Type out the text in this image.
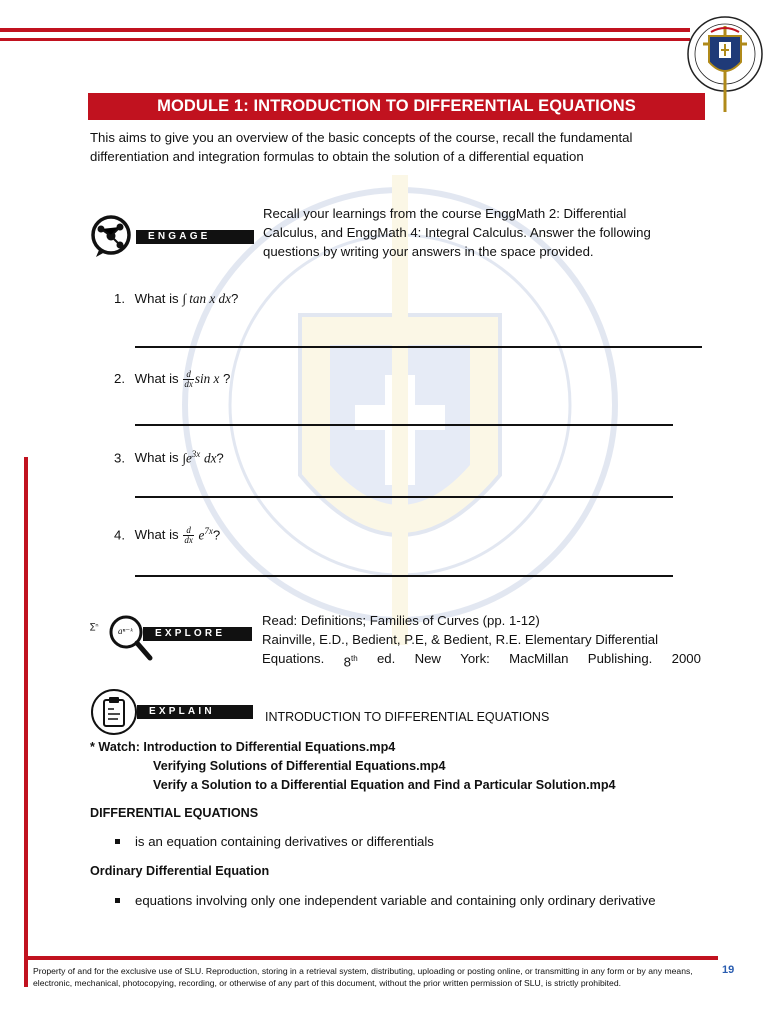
MODULE 1: INTRODUCTION TO DIFFERENTIAL EQUATIONS
This aims to give you an overview of the basic concepts of the course, recall the fundamental differentiation and integration formulas to obtain the solution of a differential equation
ENGAGE
Recall your learnings from the course EnggMath 2: Differential Calculus, and EnggMath 4: Integral Calculus. Answer the following questions by writing your answers in the space provided.
1. What is ∫ tan x dx?
2. What is $\frac{d}{dx}$ sin x ?
3. What is $\int e^{3x}$ dx?
4. What is $\frac{d}{dx} e^{7x}$?
∑ⁿ aⁿ⁻ᵏ	EXPLORE
Read: Definitions; Families of Curves (pp. 1-12)
Rainville, E.D., Bedient, P.E, & Bedient, R.E. Elementary Differential
Equations. 8th ed. New York: MacMillan Publishing. 2000
EXPLAIN	INTRODUCTION TO DIFFERENTIAL EQUATIONS
* Watch: Introduction to Differential Equations.mp4
Verifying Solutions of Differential Equations.mp4
Verify a Solution to a Differential Equation and Find a Particular Solution.mp4
DIFFERENTIAL EQUATIONS
is an equation containing derivatives or differentials
Ordinary Differential Equation
equations involving only one independent variable and containing only ordinary derivative
Property of and for the exclusive use of SLU. Reproduction, storing in a retrieval system, distributing, uploading or posting online, or transmitting in any form or by any means, electronic, mechanical, photocopying, recording, or otherwise of any part of this document, without the prior written permission of SLU, is strictly prohibited.
19
